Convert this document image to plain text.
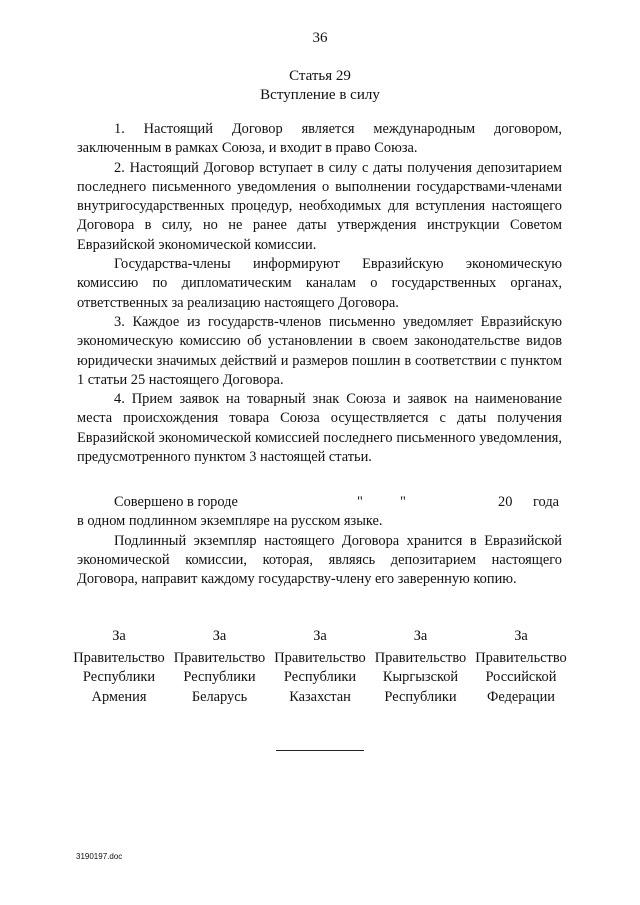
36
Статья 29
Вступление в силу

1. Настоящий Договор является международным договором, заключенным в рамках Союза, и входит в право Союза.

2. Настоящий Договор вступает в силу с даты получения депозитарием последнего письменного уведомления о выполнении государствами-членами внутригосударственных процедур, необходимых для вступления настоящего Договора в силу, но не ранее даты утверждения инструкции Советом Евразийской экономической комиссии.

Государства-члены информируют Евразийскую экономическую комиссию по дипломатическим каналам о государственных органах, ответственных за реализацию настоящего Договора.

3. Каждое из государств-членов письменно уведомляет Евразийскую экономическую комиссию об установлении в своем законодательстве видов юридически значимых действий и размеров пошлин в соответствии с пунктом 1 статьи 25 настоящего Договора.

4. Прием заявок на товарный знак Союза и заявок на наименование места происхождения товара Союза осуществляется с даты получения Евразийской экономической комиссией последнего письменного уведомления, предусмотренного пунктом 3 настоящей статьи.

Совершено в городе	"	"	20 года

в одном подлинном экземпляре на русском языке.

Подлинный экземпляр настоящего Договора хранится в Евразийской экономической комиссии, которая, являясь депозитарием настоящего Договора, направит каждому государству-члену его заверенную копию.

За
Правительство
Республики
Армения
За
Правительство
Республики
Беларусь
За
Правительство
Республики
Казахстан
За
Правительство
Кыргызской
Республики
За
Правительство
Российской
Федерации
3190197.doc
